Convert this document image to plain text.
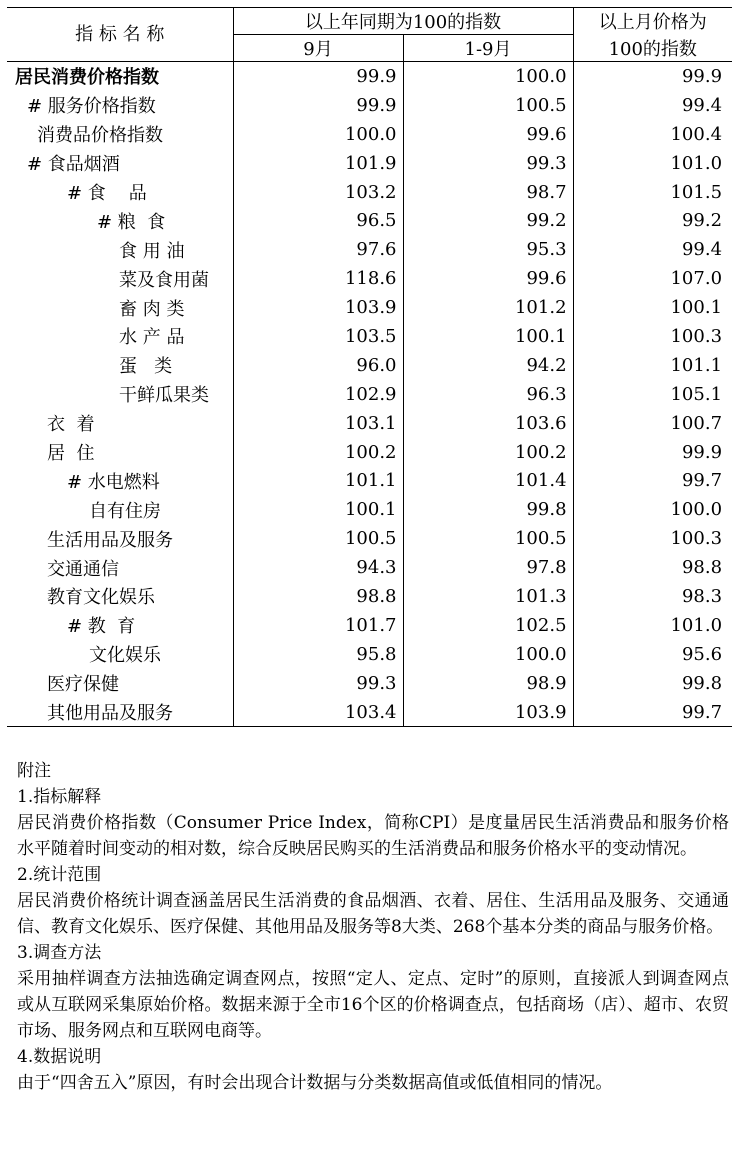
指 标 名 称	以上年同期为100的指数		以上月价格为
	9月	1-9月	100的指数
居民消费价格指数	99.9	100.0	99.9
# 服务价格指数	99.9	100.5	99.4
消费品价格指数	100.0	99.6	100.4
# 食品烟酒	101.9	99.3	101.0
# 食    品	103.2	98.7	101.5
# 粮  食	96.5	99.2	99.2
食 用 油	97.6	95.3	99.4
菜及食用菌	118.6	99.6	107.0
畜 肉 类	103.9	101.2	100.1
水 产 品	103.5	100.1	100.3
蛋   类	96.0	94.2	101.1
干鲜瓜果类	102.9	96.3	105.1
衣  着	103.1	103.6	100.7
居  住	100.2	100.2	99.9
# 水电燃料	101.1	101.4	99.7
自有住房	100.1	99.8	100.0
生活用品及服务	100.5	100.5	100.3
交通通信	94.3	97.8	98.8
教育文化娱乐	98.8	101.3	98.3
# 教  育	101.7	102.5	101.0
文化娱乐	95.8	100.0	95.6
医疗保健	99.3	98.9	99.8
其他用品及服务	103.4	103.9	99.7

附注

1.指标解释

居民消费价格指数（Consumer Price Index，简称CPI）是度量居民生活消费品和服务价格水平随着时间变动的相对数，综合反映居民购买的生活消费品和服务价格水平的变动情况。

2.统计范围

居民消费价格统计调查涵盖居民生活消费的食品烟酒、衣着、居住、生活用品及服务、交通通信、教育文化娱乐、医疗保健、其他用品及服务等8大类、268个基本分类的商品与服务价格。

3.调查方法

采用抽样调查方法抽选确定调查网点，按照“定人、定点、定时”的原则，直接派人到调查网点或从互联网采集原始价格。数据来源于全市16个区的价格调查点，包括商场（店）、超市、农贸市场、服务网点和互联网电商等。

4.数据说明

由于“四舍五入”原因，有时会出现合计数据与分类数据高值或低值相同的情况。
